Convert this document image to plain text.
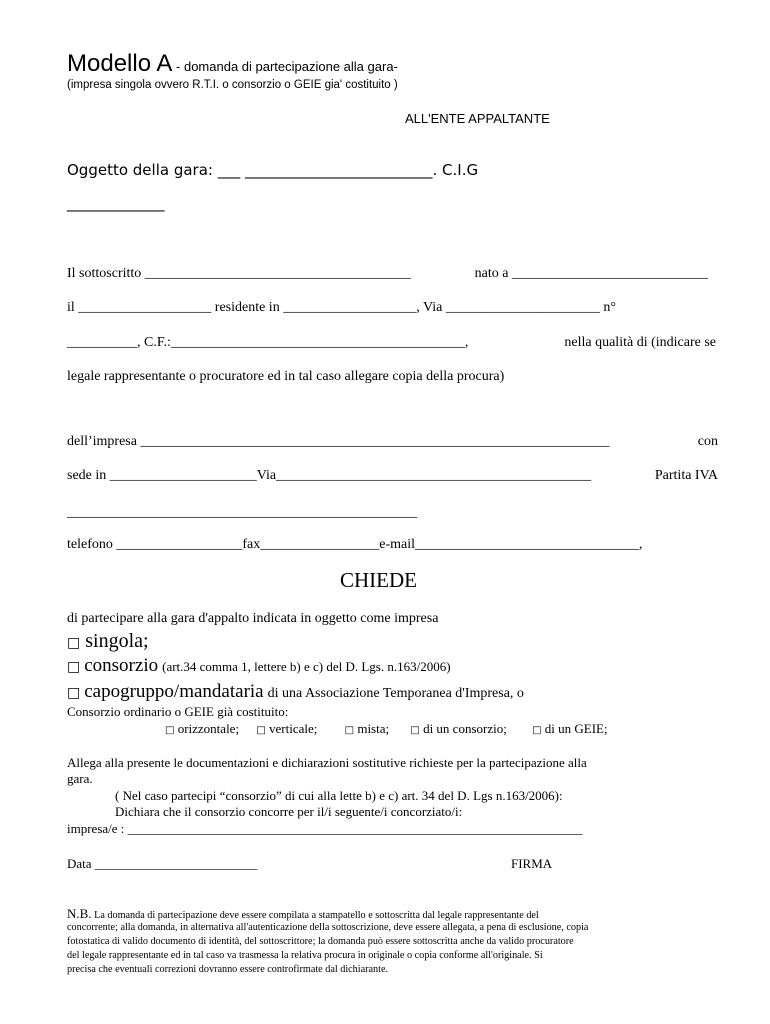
Modello A - domanda di partecipazione alla gara-
(impresa singola ovvero R.T.I. o consorzio o GEIE gia' costituito )
ALL'ENTE APPALTANTE
Oggetto della gara: ___ _________________________. C.I.G
_____________
Il sottoscritto ______________________________________	nato a ____________________________
il ___________________ residente in ___________________, Via ______________________ n°
__________, C.F.:__________________________________________,	nella qualità di (indicare se
legale rappresentante o procuratore ed in tal caso allegare copia della procura)
dell’impresa ___________________________________________________________________	con
sede in _____________________Via_____________________________________________	Partita IVA
__________________________________________________
telefono __________________fax_________________e-mail________________________________,
CHIEDE
di partecipare alla gara d'appalto indicata in oggetto come impresa
□ singola;
□ consorzio (art.34 comma 1, lettere b) e c) del D. Lgs. n.163/2006)
□ capogruppo/mandataria di una Associazione Temporanea d'Impresa, o
Consorzio ordinario o GEIE già costituito:
□ orizzontale; □ verticale;	□ mista; □ di un consorzio;	□ di un GEIE;
Allega alla presente le documentazioni e dichiarazioni sostitutive richieste per la partecipazione alla
gara.
( Nel caso partecipi “consorzio” di cui alla lette b) e c) art. 34 del D. Lgs n.163/2006):
Dichiara che il consorzio concorre per il/i seguente/i concorziato/i:
impresa/e : ______________________________________________________________________
Data _________________________	FIRMA
N.B. La domanda di partecipazione deve essere compilata a stampatello e sottoscritta dal legale rappresentante del
concorrente; alla domanda, in alternativa all'autenticazione della sottoscrizione, deve essere allegata, a pena di esclusione, copia
fotostatica di valido documento di identità, del sottoscrittore; la domanda può essere sottoscritta anche da valido procuratore
del legale rappresentante ed in tal caso va trasmessa la relativa procura in originale o copia conforme all'originale. Si
precisa che eventuali correzioni dovranno essere controfirmate dal dichiarante.
